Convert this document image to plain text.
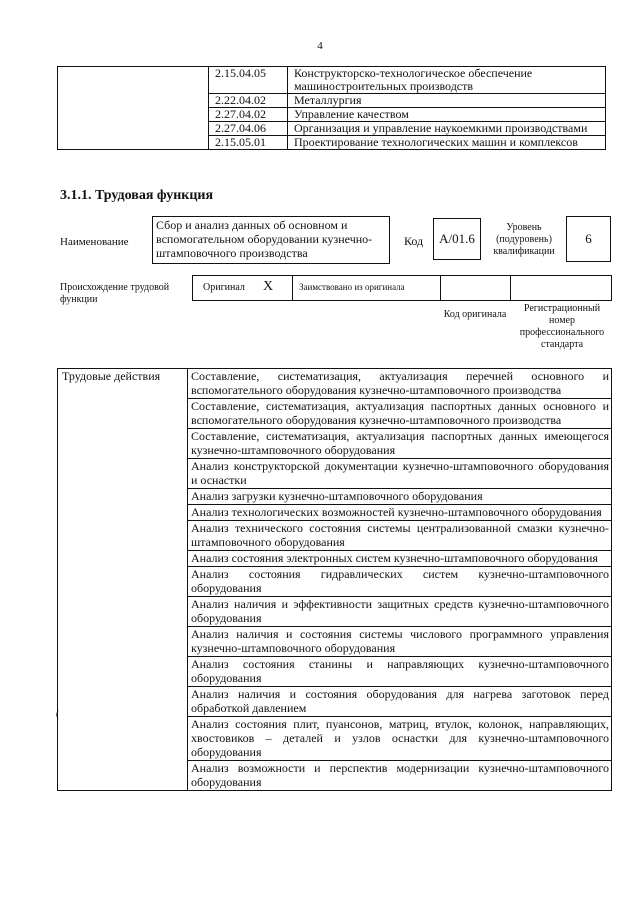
4
	2.15.04.05	Конструкторско-технологическое обеспечение машиностроительных производств
	2.22.04.02	Металлургия
	2.27.04.02	Управление качеством
	2.27.04.06	Организация и управление наукоемкими производствами
	2.15.05.01	Проектирование технологических машин и комплексов
3.1.1. Трудовая функция
Наименование
Сбор и анализ данных об основном и вспомогательном оборудовании кузнечно-штамповочного производства
Код A/01.6
Уровень (подуровень) квалификации
6
Происхождение трудовой функции
Оригинал X	Заимствовано из оригинала
Код оригинала
Регистрационный номер профессионального стандарта
Трудовые действия	Составление, систематизация, актуализация перечней основного и вспомогательного оборудования кузнечно-штамповочного производства
Составление, систематизация, актуализация паспортных данных основного и вспомогательного оборудования кузнечно-штамповочного производства
Составление, систематизация, актуализация паспортных данных имеющегося кузнечно-штамповочного оборудования
Анализ конструкторской документации кузнечно-штамповочного оборудования и оснастки
Анализ загрузки кузнечно-штамповочного оборудования
Анализ технологических возможностей кузнечно-штамповочного оборудования
Анализ технического состояния системы централизованной смазки кузнечно-штамповочного оборудования
Анализ состояния электронных систем кузнечно-штамповочного оборудования
Анализ состояния гидравлических систем кузнечно-штамповочного оборудования
Анализ наличия и эффективности защитных средств кузнечно-штамповочного оборудования
Анализ наличия и состояния системы числового программного управления кузнечно-штамповочного оборудования
Анализ состояния станины и направляющих кузнечно-штамповочного оборудования
Анализ наличия и состояния оборудования для нагрева заготовок перед обработкой давлением
Анализ состояния плит, пуансонов, матриц, втулок, колонок, направляющих, хвостовиков – деталей и узлов оснастки для кузнечно-штамповочного оборудования
Анализ возможности и перспектив модернизации кузнечно-штамповочного оборудования
(
